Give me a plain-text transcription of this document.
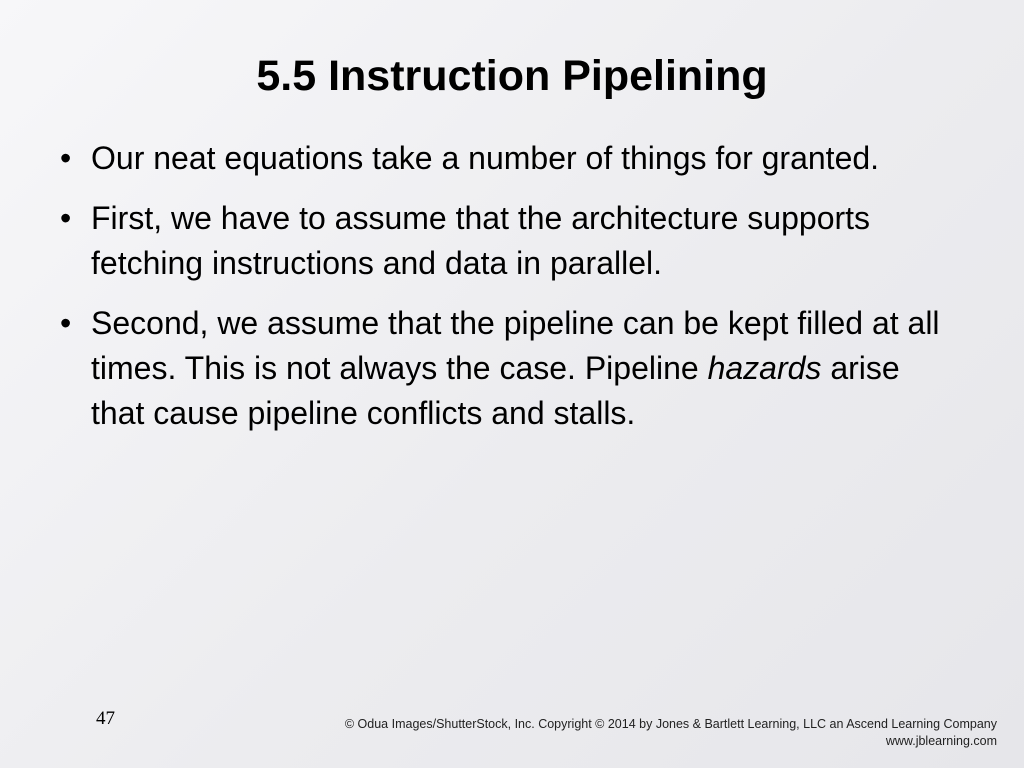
5.5 Instruction Pipelining
• Our neat equations take a number of things for granted.
• First, we have to assume that the architecture supports fetching instructions and data in parallel.
• Second, we assume that the pipeline can be kept filled at all times. This is not always the case. Pipeline hazards arise that cause pipeline conflicts and stalls.
47	© Odua Images/ShutterStock, Inc. Copyright © 2014 by Jones & Bartlett Learning, LLC an Ascend Learning Company
www.jblearning.com
